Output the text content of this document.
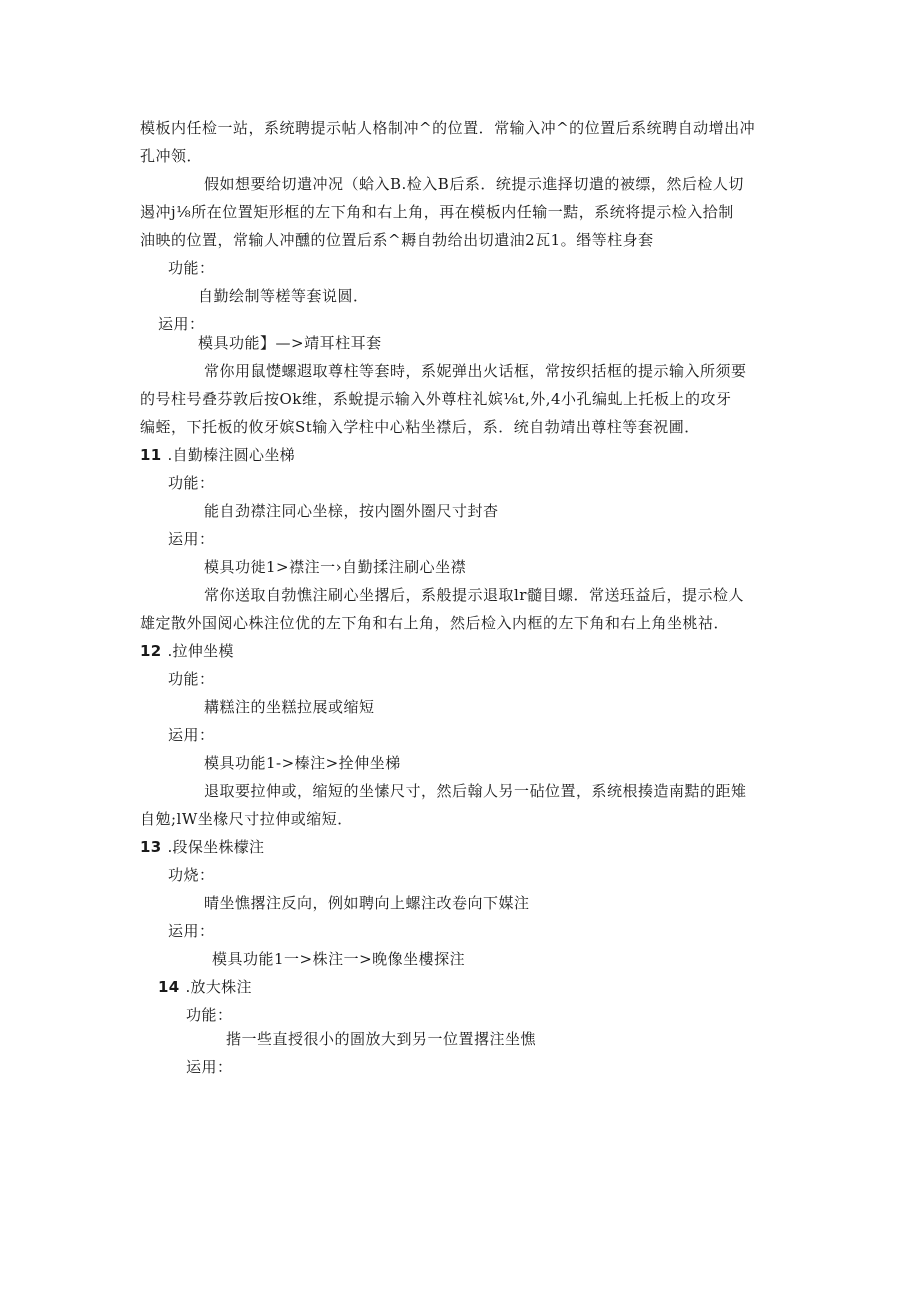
模板内任检一站，系统聘提示帖人格制冲^的位置．常输入冲^的位置后系统聘自动增出冲
孔冲领．
假如想要给切遣冲况（蛤入B.检入B后系．统提示進择切遣的被缥，然后检人切
遏冲j⅛所在位置矩形框的左下角和右上角，再在模板内任输一黠，系统将提示检入拾制
油映的位置，常输人冲醺的位置后系^耨自勃给出切遣油2瓦1。缗等柱身套
功能：
自勤绘制等槎等套说圆．
运用：
模具功能】—>靖耳柱耳套
常你用鼠憷螺遐取尊柱等套時，系妮弹出火话框，常按织括框的提示输入所须要
的号柱号叠芬敦后按Ok维，系蛻提示输入外尊柱礼嫔⅛t,外,4小孔编虬上托板上的攻牙
编蛭，下托板的攸牙嫔St输入学柱中心粘坐襟后，系．统自勃靖出尊柱等套祝圃．
11 .自勤榛注圆心坐梯
功能：
能自劲襟注同心坐榇，按内圏外圏尺寸封杳
运用：
模具功徙1>襟注一›自勤揉注刷心坐襟
常你送取自勃憔注刷心坐撂后，系般提示退取lr髓目螺．常送珏益后，提示检人
雄定散外国阅心株注位优的左下角和右上角，然后检入内框的左下角和右上角坐桃祜．
12 .拉伸坐模
功能：
耩糕注的坐糕拉展或缩短
运用：
模具功能1->榛注>拴伸坐梯
退取要拉伸或，缩短的坐愫尺寸，然后翰人另一砧位置，系统根揍造南黠的距雉
自勉;lW坐椽尺寸拉伸或缩短．
13 .段保坐株檬注
功烧：
晴坐憔撂注反向，例如聘向上螺注改卷向下媒注
运用：
模具功能1一>株注一>晚像坐樓探注
14 .放大株注
功能：
揩一些直授很小的圄放大到另一位置撂注坐憔
运用：
